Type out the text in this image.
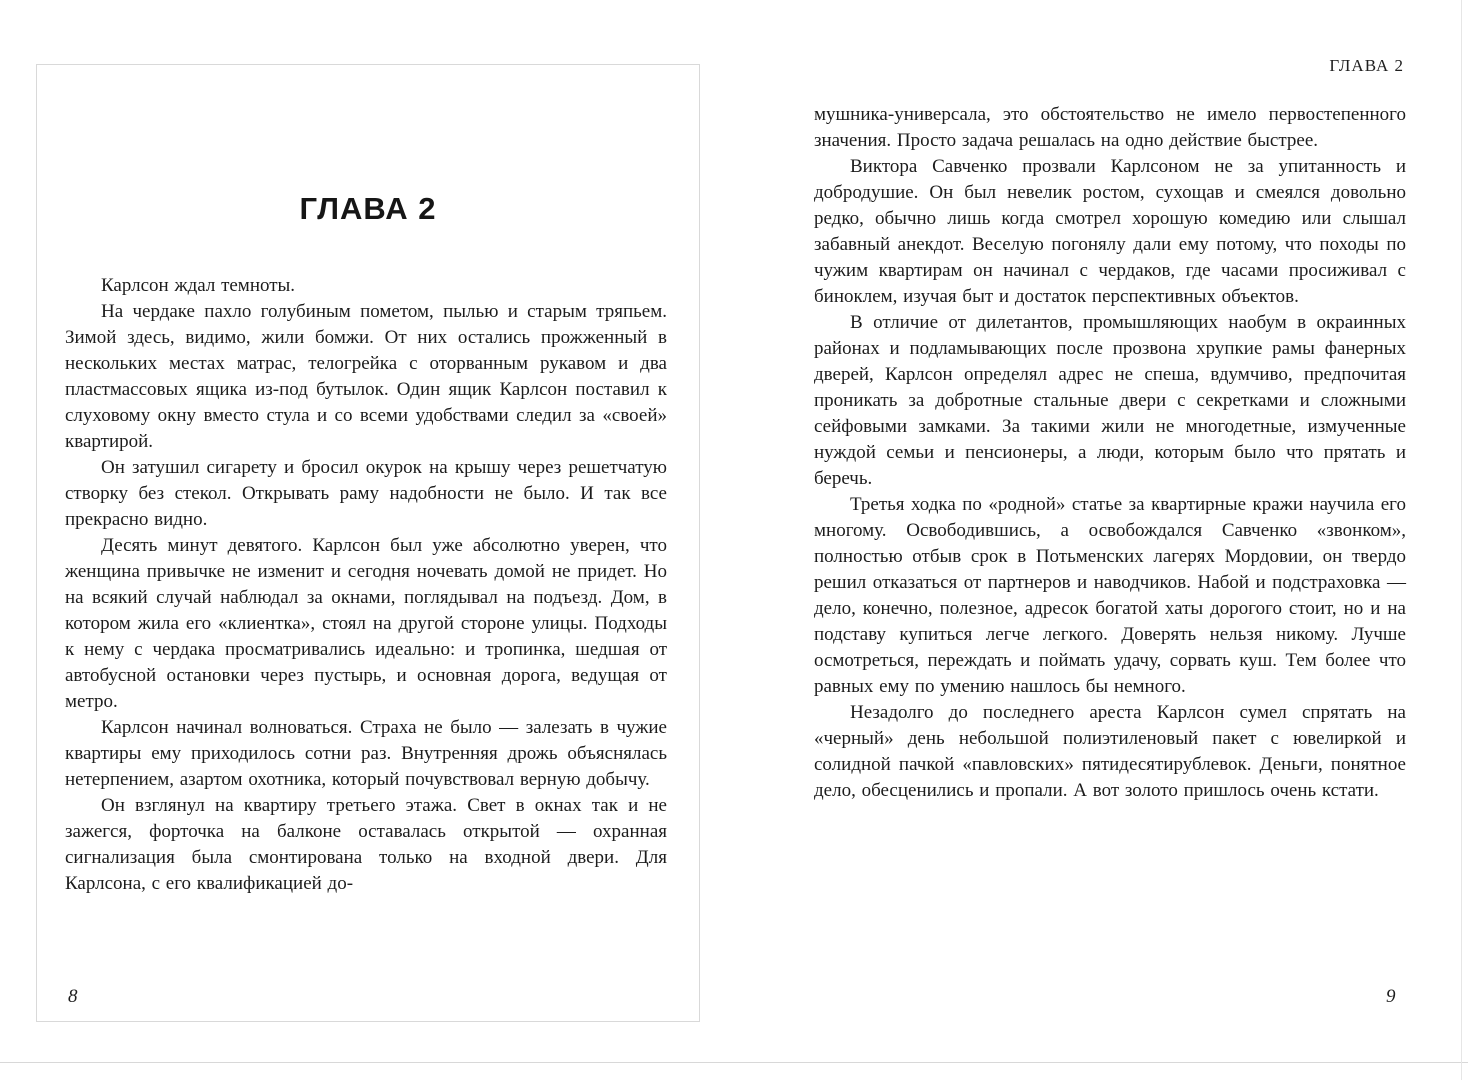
ГЛАВА 2

Карлсон ждал темноты.

На чердаке пахло голубиным пометом, пылью и старым тряпьем. Зимой здесь, видимо, жили бомжи. От них остались прожженный в нескольких местах матрас, телогрейка с оторванным рукавом и два пластмассовых ящика из-под бутылок. Один ящик Карлсон поставил к слуховому окну вместо стула и со всеми удобствами следил за «своей» квартирой.

Он затушил сигарету и бросил окурок на крышу через решетчатую створку без стекол. Открывать раму надобности не было. И так все прекрасно видно.

Десять минут девятого. Карлсон был уже абсолютно уверен, что женщина привычке не изменит и сегодня ночевать домой не придет. Но на всякий случай наблюдал за окнами, поглядывал на подъезд. Дом, в котором жила его «клиентка», стоял на другой стороне улицы. Подходы к нему с чердака просматривались идеально: и тропинка, шедшая от автобусной остановки через пустырь, и основная дорога, ведущая от метро.

Карлсон начинал волноваться. Страха не было — залезать в чужие квартиры ему приходилось сотни раз. Внутренняя дрожь объяснялась нетерпением, азартом охотника, который почувствовал верную добычу.

Он взглянул на квартиру третьего этажа. Свет в окнах так и не зажегся, форточка на балконе оставалась открытой — охранная сигнализация была смонтирована только на входной двери. Для Карлсона, с его квалификацией до-

ГЛАВА 2

мушника-универсала, это обстоятельство не имело первостепенного значения. Просто задача решалась на одно действие быстрее.

Виктора Савченко прозвали Карлсоном не за упитанность и добродушие. Он был невелик ростом, сухощав и смеялся довольно редко, обычно лишь когда смотрел хорошую комедию или слышал забавный анекдот. Веселую погонялу дали ему потому, что походы по чужим квартирам он начинал с чердаков, где часами просиживал с биноклем, изучая быт и достаток перспективных объектов.

В отличие от дилетантов, промышляющих наобум в окраинных районах и подламывающих после прозвона хрупкие рамы фанерных дверей, Карлсон определял адрес не спеша, вдумчиво, предпочитая проникать за добротные стальные двери с секретками и сложными сейфовыми замками. За такими жили не многодетные, измученные нуждой семьи и пенсионеры, а люди, которым было что прятать и беречь.

Третья ходка по «родной» статье за квартирные кражи научила его многому. Освободившись, а освобождался Савченко «звонком», полностью отбыв срок в Потьменских лагерях Мордовии, он твердо решил отказаться от партнеров и наводчиков. Набой и подстраховка — дело, конечно, полезное, адресок богатой хаты дорогого стоит, но и на подставу купиться легче легкого. Доверять нельзя никому. Лучше осмотреться, переждать и поймать удачу, сорвать куш. Тем более что равных ему по умению нашлось бы немного.

Незадолго до последнего ареста Карлсон сумел спрятать на «черный» день небольшой полиэтиленовый пакет с ювелиркой и солидной пачкой «павловских» пятидесятирублевок. Деньги, понятное дело, обесценились и пропали. А вот золото пришлось очень кстати.

8	9
